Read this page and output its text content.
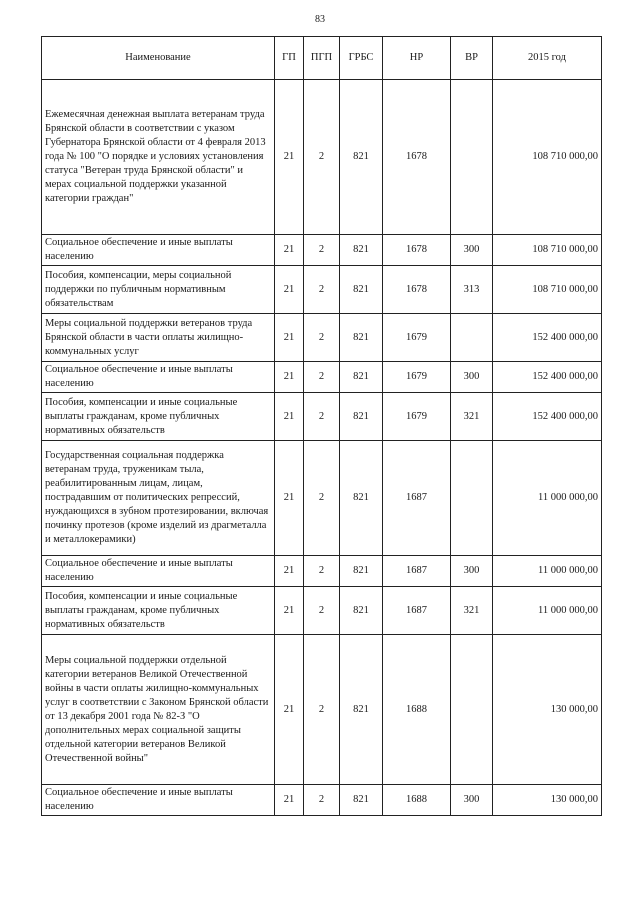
83
Наименование	ГП	ПГП	ГРБС	НР	ВР	2015 год
Ежемесячная денежная выплата ветеранам труда Брянской области в соответствии с указом Губернатора Брянской области от 4 февраля 2013 года № 100 "О порядке и условиях установления статуса "Ветеран труда Брянской области" и мерах социальной поддержки указанной категории граждан"	21	2	821	1678		108 710 000,00
Социальное обеспечение и иные выплаты населению	21	2	821	1678	300	108 710 000,00
Пособия, компенсации, меры социальной поддержки по публичным нормативным обязательствам	21	2	821	1678	313	108 710 000,00
Меры социальной поддержки ветеранов труда Брянской области в части оплаты жилищно-коммунальных услуг	21	2	821	1679		152 400 000,00
Социальное обеспечение и иные выплаты населению	21	2	821	1679	300	152 400 000,00
Пособия, компенсации и иные социальные выплаты гражданам, кроме публичных нормативных обязательств	21	2	821	1679	321	152 400 000,00
Государственная социальная поддержка ветеранам труда, труженикам тыла, реабилитированным лицам, лицам, пострадавшим от политических репрессий, нуждающихся в зубном протезировании, включая починку протезов (кроме изделий из драгметалла и металлокерамики)	21	2	821	1687		11 000 000,00
Социальное обеспечение и иные выплаты населению	21	2	821	1687	300	11 000 000,00
Пособия, компенсации и иные социальные выплаты гражданам, кроме публичных нормативных обязательств	21	2	821	1687	321	11 000 000,00
Меры социальной поддержки отдельной категории ветеранов Великой Отечественной войны в части оплаты жилищно-коммунальных услуг в соответствии с Законом Брянской области от 13 декабря 2001 года № 82-З "О дополнительных мерах социальной защиты отдельной категории ветеранов Великой Отечественной войны"	21	2	821	1688		130 000,00
Социальное обеспечение и иные выплаты населению	21	2	821	1688	300	130 000,00
